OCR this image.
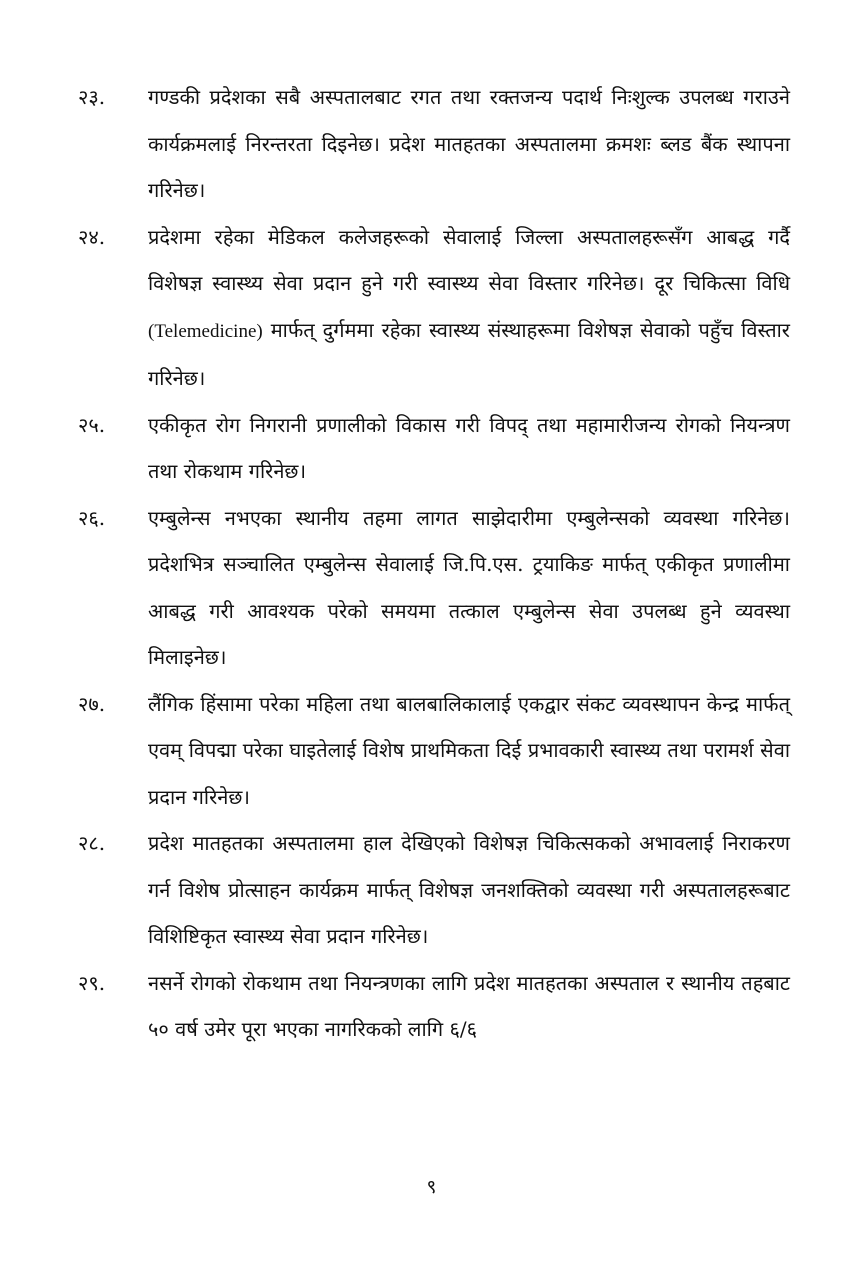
२३.	गण्डकी प्रदेशका सबै अस्पतालबाट रगत तथा रक्तजन्य पदार्थ निःशुल्क उपलब्ध गराउने कार्यक्रमलाई निरन्तरता दिइनेछ। प्रदेश मातहतका अस्पतालमा क्रमशः ब्लड बैंक स्थापना गरिनेछ।
२४.	प्रदेशमा रहेका मेडिकल कलेजहरूको सेवालाई जिल्ला अस्पतालहरूसँग आबद्ध गर्दै विशेषज्ञ स्वास्थ्य सेवा प्रदान हुने गरी स्वास्थ्य सेवा विस्तार गरिनेछ। दूर चिकित्सा विधि (Telemedicine) मार्फत् दुर्गममा रहेका स्वास्थ्य संस्थाहरूमा विशेषज्ञ सेवाको पहुँच विस्तार गरिनेछ।
२५.	एकीकृत रोग निगरानी प्रणालीको विकास गरी विपद् तथा महामारीजन्य रोगको नियन्त्रण तथा रोकथाम गरिनेछ।
२६.	एम्बुलेन्स नभएका स्थानीय तहमा लागत साझेदारीमा एम्बुलेन्सको व्यवस्था गरिनेछ। प्रदेशभित्र सञ्चालित एम्बुलेन्स सेवालाई जि.पि.एस. ट्रयाकिङ मार्फत् एकीकृत प्रणालीमा आबद्ध गरी आवश्यक परेको समयमा तत्काल एम्बुलेन्स सेवा उपलब्ध हुने व्यवस्था मिलाइनेछ।
२७.	लैंगिक हिंसामा परेका महिला तथा बालबालिकालाई एकद्वार संकट व्यवस्थापन केन्द्र मार्फत् एवम् विपद्मा परेका घाइतेलाई विशेष प्राथमिकता दिई प्रभावकारी स्वास्थ्य तथा परामर्श सेवा प्रदान गरिनेछ।
२८.	प्रदेश मातहतका अस्पतालमा हाल देखिएको विशेषज्ञ चिकित्सकको अभावलाई निराकरण गर्न विशेष प्रोत्साहन कार्यक्रम मार्फत् विशेषज्ञ जनशक्तिको व्यवस्था गरी अस्पतालहरूबाट विशिष्टिकृत स्वास्थ्य सेवा प्रदान गरिनेछ।
२९.	नसर्ने रोगको रोकथाम तथा नियन्त्रणका लागि प्रदेश मातहतका अस्पताल र स्थानीय तहबाट ५० वर्ष उमेर पूरा भएका नागरिकको लागि ६/६
९
